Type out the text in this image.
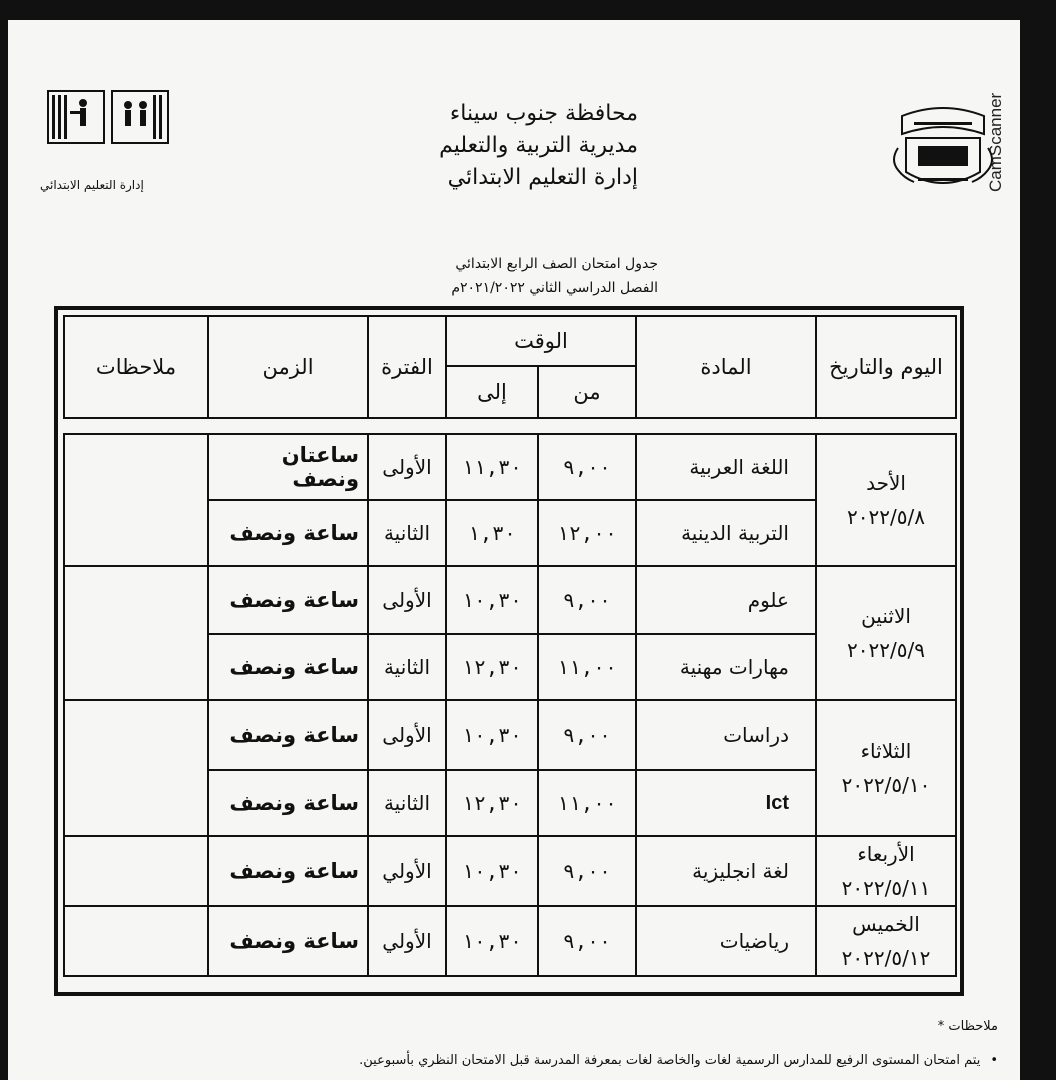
CamScanner
إدارة التعليم الابتدائي
محافظة جنوب سيناء
مديرية التربية والتعليم
إدارة التعليم الابتدائي
جدول امتحان الصف الرابع الابتدائي
الفصل الدراسي الثاني ٢٠٢١/٢٠٢٢م
اليوم والتاريخ	المادة	الوقت		الفترة	الزمن	ملاحظات
		من	إلى			

الأحد
٢٠٢٢/٥/٨	اللغة العربية	٩,٠٠	١١,٣٠	الأولى	ساعتان ونصف	
	التربية الدينية	١٢,٠٠	١,٣٠	الثانية	ساعة ونصف	

الاثنين
٢٠٢٢/٥/٩	علوم	٩,٠٠	١٠,٣٠	الأولى	ساعة ونصف	
	مهارات مهنية	١١,٠٠	١٢,٣٠	الثانية	ساعة ونصف	

الثلاثاء
٢٠٢٢/٥/١٠	دراسات	٩,٠٠	١٠,٣٠	الأولى	ساعة ونصف	
	Ict	١١,٠٠	١٢,٣٠	الثانية	ساعة ونصف	

الأربعاء
٢٠٢٢/٥/١١	لغة انجليزية	٩,٠٠	١٠,٣٠	الأولي	ساعة ونصف	

الخميس
٢٠٢٢/٥/١٢	رياضيات	٩,٠٠	١٠,٣٠	الأولي	ساعة ونصف	
ملاحظات *
•يتم امتحان المستوى الرفيع للمدارس الرسمية لغات والخاصة لغات بمعرفة المدرسة قبل الامتحان النظري بأسبوعين.
